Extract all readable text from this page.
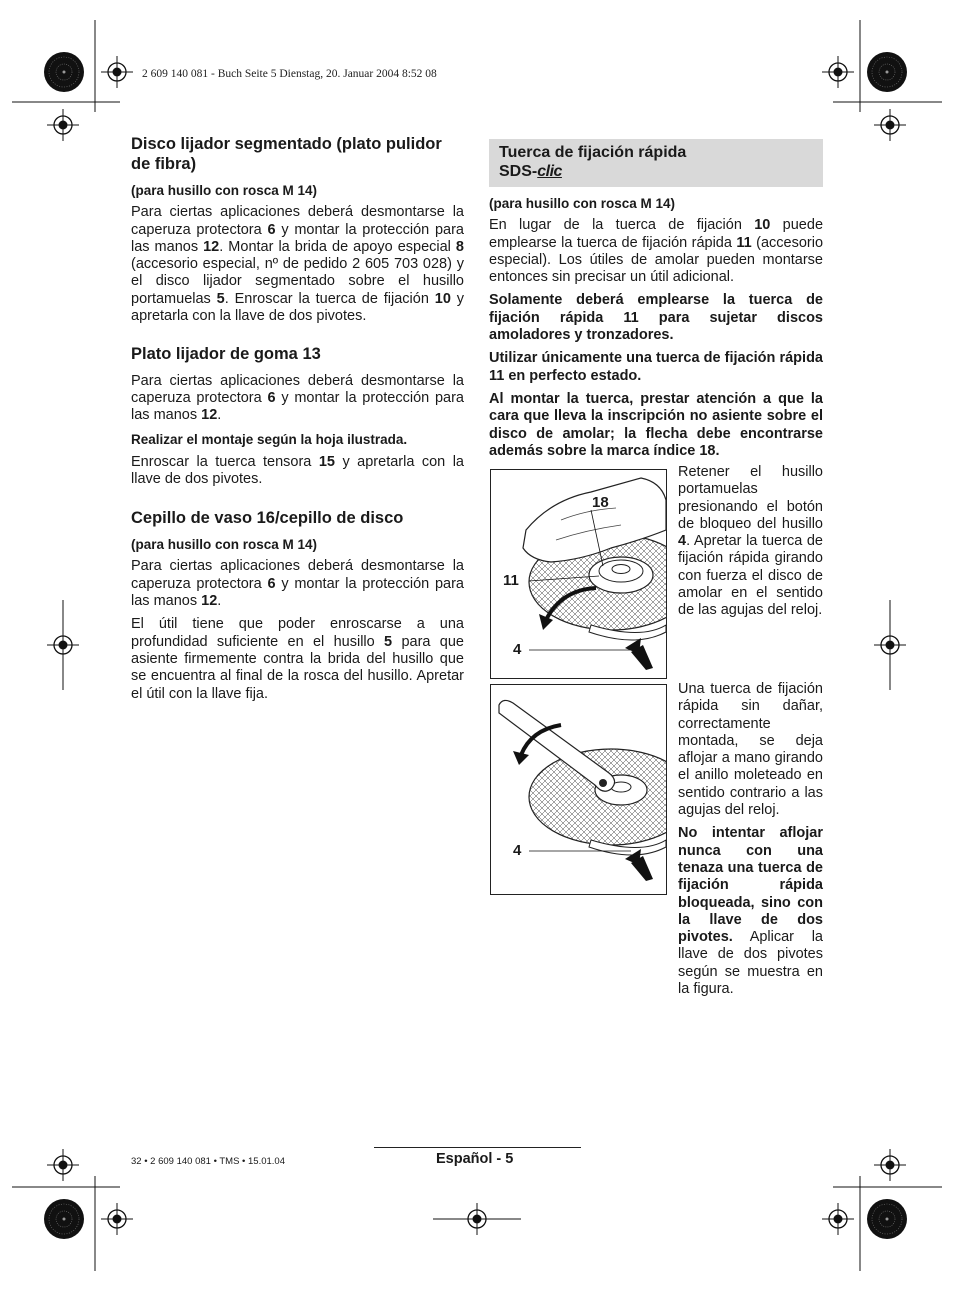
2 609 140 081 - Buch Seite 5 Dienstag, 20. Januar 2004 8:52 08
Disco lijador segmentado (plato pulidor de fibra)
(para husillo con rosca M 14)

Para ciertas aplicaciones deberá desmontarse la caperuza protectora 6 y montar la protección para las manos 12. Montar la brida de apoyo especial 8 (accesorio especial, nº de pedido 2 605 703 028) y el disco lijador segmentado sobre el husillo portamuelas 5. Enroscar la tuerca de fijación 10 y apretarla con la llave de dos pivotes.

Plato lijador de goma 13

Para ciertas aplicaciones deberá desmontarse la caperuza protectora 6 y montar la protección para las manos 12.

Realizar el montaje según la hoja ilustrada.

Enroscar la tuerca tensora 15 y apretarla con la llave de dos pivotes.

Cepillo de vaso 16/cepillo de disco
(para husillo con rosca M 14)

Para ciertas aplicaciones deberá desmontarse la caperuza protectora 6 y montar la protección para las manos 12.

El útil tiene que poder enroscarse a una profundidad suficiente en el husillo 5 para que asiente firmemente contra la brida del husillo que se encuentra al final de la rosca del husillo. Apretar el útil con la llave fija.

Tuerca de fijación rápida
SDS-clic
(para husillo con rosca M 14)

En lugar de la tuerca de fijación 10 puede emplearse la tuerca de fijación rápida 11 (accesorio especial). Los útiles de amolar pueden montarse entonces sin precisar un útil adicional.

Solamente deberá emplearse la tuerca de fijación rápida 11 para sujetar discos amoladores y tronzadores.

Utilizar únicamente una tuerca de fijación rápida 11 en perfecto estado.

Al montar la tuerca, prestar atención a que la cara que lleva la inscripción no asiente sobre el disco de amolar; la flecha debe encontrarse además sobre la marca índice 18.

18
11
4
Retener el husillo portamuelas presionando el botón de bloqueo del husillo 4. Apretar la tuerca de fijación rápida girando con fuerza el disco de amolar en el sentido de las agujas del reloj.
4

Una tuerca de fijación rápida sin dañar, correctamente montada, se deja aflojar a mano girando el anillo moleteado en sentido contrario a las agujas del reloj.

No intentar aflojar nunca con una tenaza una tuerca de fijación rápida bloqueada, sino con la llave de dos pivotes. Aplicar la llave de dos pivotes según se muestra en la figura.

Español - 5
32 • 2 609 140 081 • TMS • 15.01.04
